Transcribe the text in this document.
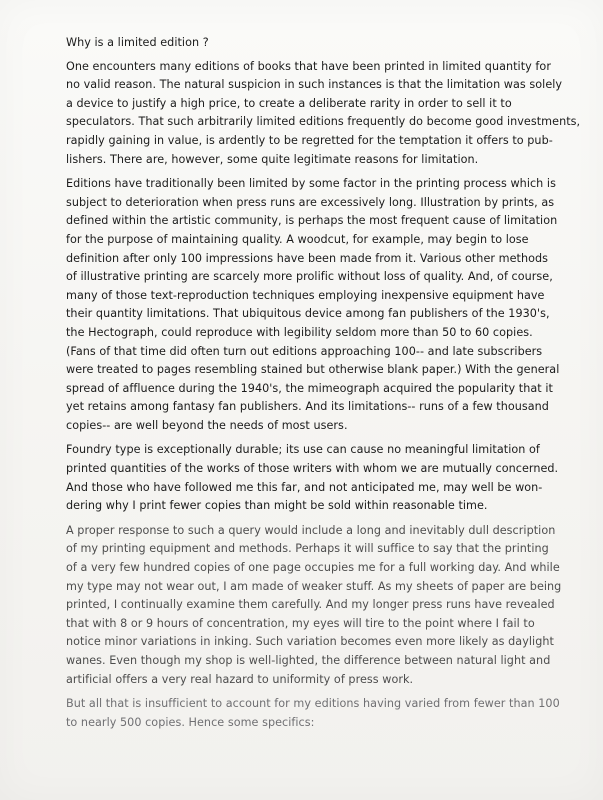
Why is a limited edition ?
One encounters many editions of books that have been printed in limited quantity for
no valid reason. The natural suspicion in such instances is that the limitation was solely
a device to justify a high price, to create a deliberate rarity in order to sell it to
speculators. That such arbitrarily limited editions frequently do become good investments,
rapidly gaining in value, is ardently to be regretted for the temptation it offers to pub-
lishers. There are, however, some quite legitimate reasons for limitation.
Editions have traditionally been limited by some factor in the printing process which is
subject to deterioration when press runs are excessively long. Illustration by prints, as
defined within the artistic community, is perhaps the most frequent cause of limitation
for the purpose of maintaining quality. A woodcut, for example, may begin to lose
definition after only 100 impressions have been made from it. Various other methods
of illustrative printing are scarcely more prolific without loss of quality. And, of course,
many of those text-reproduction techniques employing inexpensive equipment have
their quantity limitations. That ubiquitous device among fan publishers of the 1930's,
the Hectograph, could reproduce with legibility seldom more than 50 to 60 copies.
(Fans of that time did often turn out editions approaching 100-- and late subscribers
were treated to pages resembling stained but otherwise blank paper.) With the general
spread of affluence during the 1940's, the mimeograph acquired the popularity that it
yet retains among fantasy fan publishers. And its limitations-- runs of a few thousand
copies-- are well beyond the needs of most users.
Foundry type is exceptionally durable; its use can cause no meaningful limitation of
printed quantities of the works of those writers with whom we are mutually concerned.
And those who have followed me this far, and not anticipated me, may well be won-
dering why I print fewer copies than might be sold within reasonable time.
A proper response to such a query would include a long and inevitably dull description
of my printing equipment and methods. Perhaps it will suffice to say that the printing
of a very few hundred copies of one page occupies me for a full working day. And while
my type may not wear out, I am made of weaker stuff. As my sheets of paper are being
printed, I continually examine them carefully. And my longer press runs have revealed
that with 8 or 9 hours of concentration, my eyes will tire to the point where I fail to
notice minor variations in inking. Such variation becomes even more likely as daylight
wanes. Even though my shop is well-lighted, the difference between natural light and
artificial offers a very real hazard to uniformity of press work.
But all that is insufficient to account for my editions having varied from fewer than 100
to nearly 500 copies. Hence some specifics:
